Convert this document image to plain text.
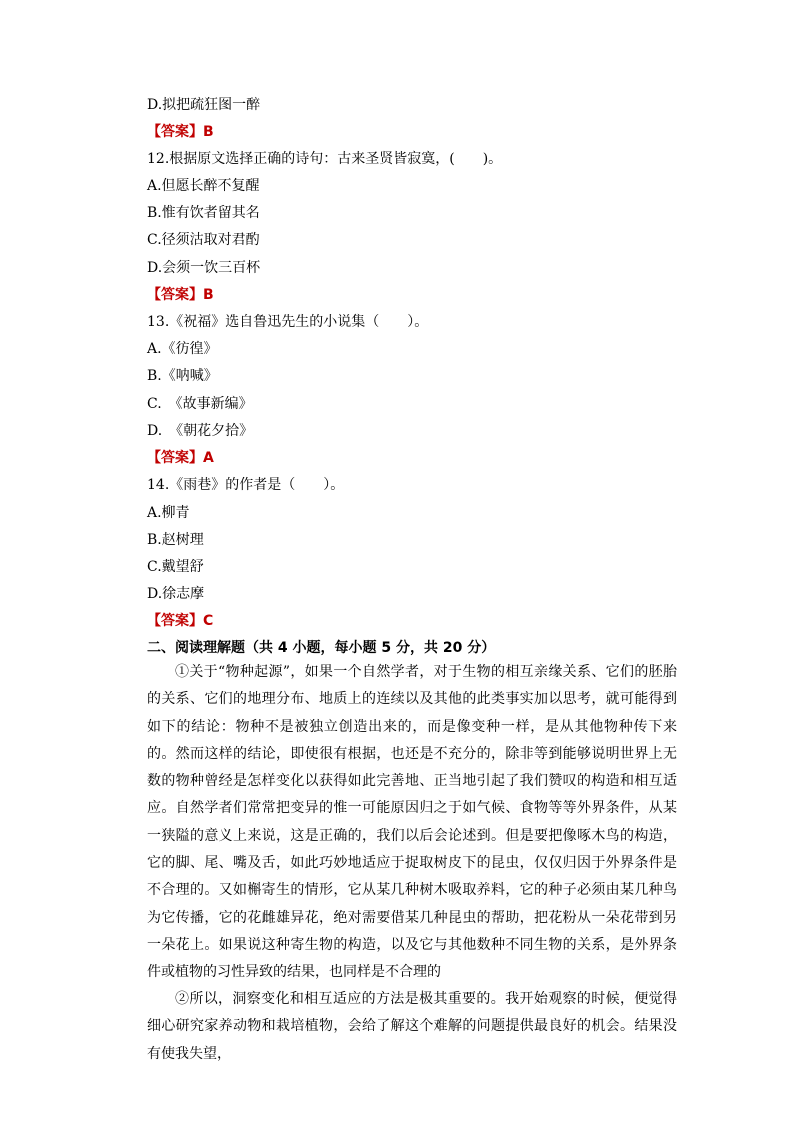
D.拟把疏狂图一醉
【答案】B
12.根据原文选择正确的诗句：古来圣贤皆寂寞，(　　)。
A.但愿长醉不复醒
B.惟有饮者留其名
C.径须沽取对君酌
D.会须一饮三百杯
【答案】B
13.《祝福》选自鲁迅先生的小说集（　　）。
A.《彷徨》
B.《呐喊》
C.　《故事新编》
D.　《朝花夕拾》
【答案】A
14.《雨巷》的作者是（　　）。
A.柳青
B.赵树理
C.戴望舒
D.徐志摩
【答案】C
二、阅读理解题（共 4 小题，每小题 5 分，共 20 分）
①关于“物种起源”，如果一个自然学者，对于生物的相互亲缘关系、它们的胚胎的关系、它们的地理分布、地质上的连续以及其他的此类事实加以思考，就可能得到如下的结论：物种不是被独立创造出来的，而是像变种一样，是从其他物种传下来的。然而这样的结论，即使很有根据，也还是不充分的，除非等到能够说明世界上无数的物种曾经是怎样变化以获得如此完善地、正当地引起了我们赞叹的构造和相互适应。自然学者们常常把变异的惟一可能原因归之于如气候、食物等等外界条件，从某一狭隘的意义上来说，这是正确的，我们以后会论述到。但是要把像啄木鸟的构造，它的脚、尾、嘴及舌，如此巧妙地适应于捉取树皮下的昆虫，仅仅归因于外界条件是不合理的。又如槲寄生的情形，它从某几种树木吸取养料，它的种子必须由某几种鸟为它传播，它的花雌雄异花，绝对需要借某几种昆虫的帮助，把花粉从一朵花带到另一朵花上。如果说这种寄生物的构造，以及它与其他数种不同生物的关系，是外界条件或植物的习性异致的结果，也同样是不合理的
②所以，洞察变化和相互适应的方法是极其重要的。我开始观察的时候，便觉得细心研究家养动物和栽培植物，会给了解这个难解的问题提供最良好的机会。结果没有使我失望，
